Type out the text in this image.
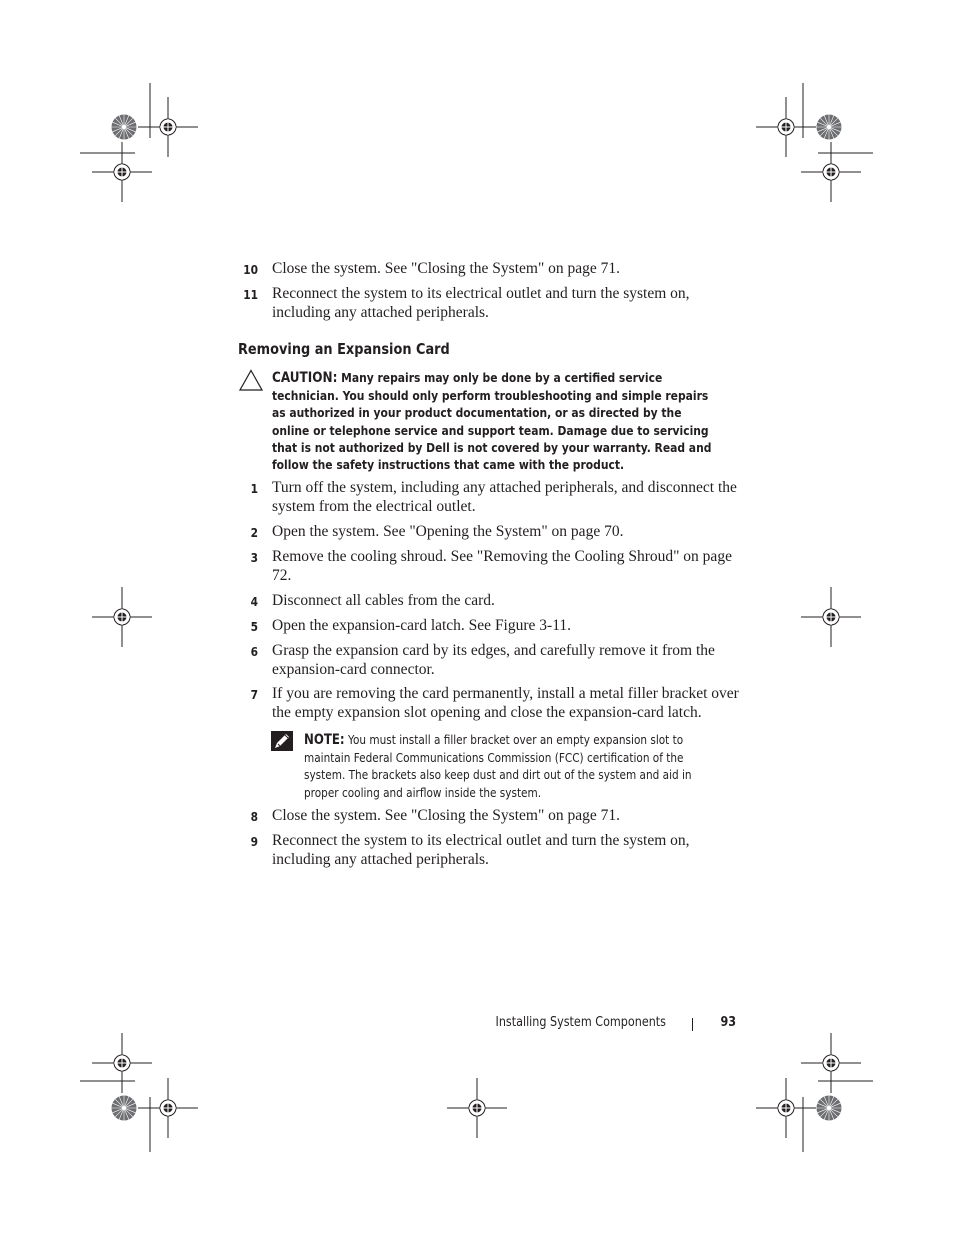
10 Close the system. See "Closing the System" on page 71.
11 Reconnect the system to its electrical outlet and turn the system on, including any attached peripherals.
Removing an Expansion Card
CAUTION: Many repairs may only be done by a certified service technician. You should only perform troubleshooting and simple repairs as authorized in your product documentation, or as directed by the online or telephone service and support team. Damage due to servicing that is not authorized by Dell is not covered by your warranty. Read and follow the safety instructions that came with the product.
1 Turn off the system, including any attached peripherals, and disconnect the system from the electrical outlet.
2 Open the system. See "Opening the System" on page 70.
3 Remove the cooling shroud. See "Removing the Cooling Shroud" on page 72.
4 Disconnect all cables from the card.
5 Open the expansion-card latch. See Figure 3-11.
6 Grasp the expansion card by its edges, and carefully remove it from the expansion-card connector.
7 If you are removing the card permanently, install a metal filler bracket over the empty expansion slot opening and close the expansion-card latch.
NOTE: You must install a filler bracket over an empty expansion slot to maintain Federal Communications Commission (FCC) certification of the system. The brackets also keep dust and dirt out of the system and aid in proper cooling and airflow inside the system.
8 Close the system. See "Closing the System" on page 71.
9 Reconnect the system to its electrical outlet and turn the system on, including any attached peripherals.
Installing System Components	93
